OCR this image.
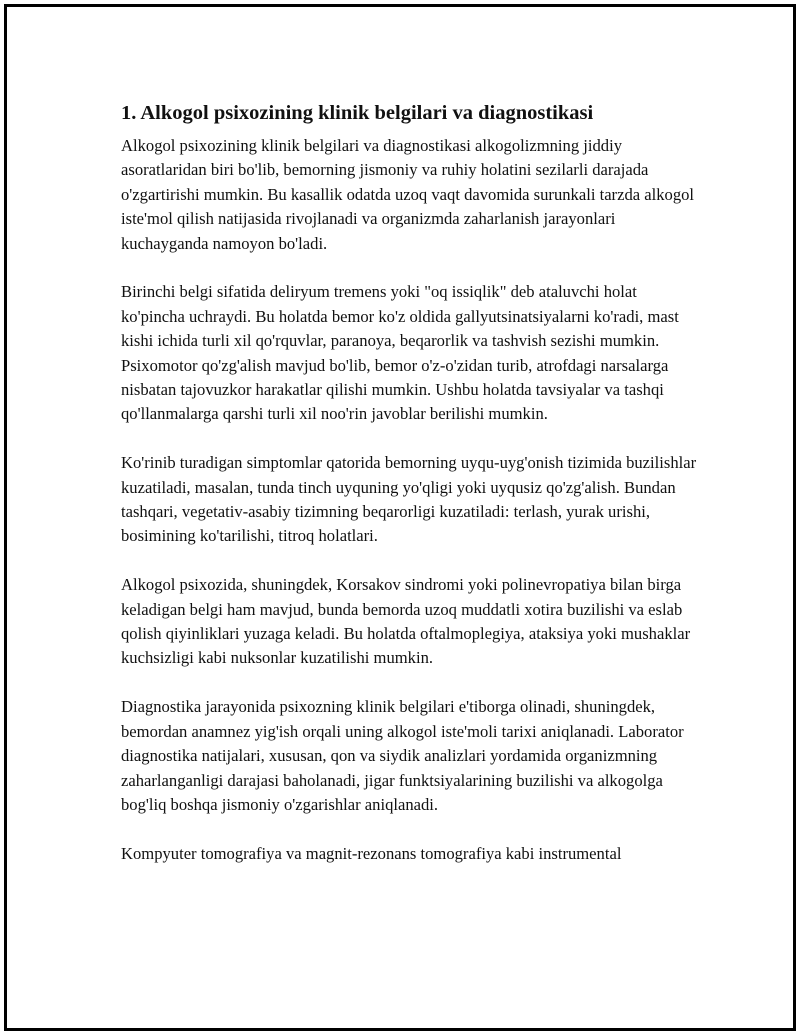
1. Alkogol psixozining klinik belgilari va diagnostikasi

Alkogol psixozining klinik belgilari va diagnostikasi alkogolizmning jiddiy asoratlaridan biri bo'lib, bemorning jismoniy va ruhiy holatini sezilarli darajada o'zgartirishi mumkin. Bu kasallik odatda uzoq vaqt davomida surunkali tarzda alkogol iste'mol qilish natijasida rivojlanadi va organizmda zaharlanish jarayonlari kuchayganda namoyon bo'ladi.

Birinchi belgi sifatida deliryum tremens yoki "oq issiqlik" deb ataluvchi holat ko'pincha uchraydi. Bu holatda bemor ko'z oldida gallyutsinatsiyalarni ko'radi, mast kishi ichida turli xil qo'rquvlar, paranoya, beqarorlik va tashvish sezishi mumkin. Psixomotor qo'zg'alish mavjud bo'lib, bemor o'z-o'zidan turib, atrofdagi narsalarga nisbatan tajovuzkor harakatlar qilishi mumkin. Ushbu holatda tavsiyalar va tashqi qo'llanmalarga qarshi turli xil noo'rin javoblar berilishi mumkin.

Ko'rinib turadigan simptomlar qatorida bemorning uyqu-uyg'onish tizimida buzilishlar kuzatiladi, masalan, tunda tinch uyquning yo'qligi yoki uyqusiz qo'zg'alish. Bundan tashqari, vegetativ-asabiy tizimning beqarorligi kuzatiladi: terlash, yurak urishi, bosimining ko'tarilishi, titroq holatlari.

Alkogol psixozida, shuningdek, Korsakov sindromi yoki polinevropatiya bilan birga keladigan belgi ham mavjud, bunda bemorda uzoq muddatli xotira buzilishi va eslab qolish qiyinliklari yuzaga keladi. Bu holatda oftalmoplegiya, ataksiya yoki mushaklar kuchsizligi kabi nuksonlar kuzatilishi mumkin.

Diagnostika jarayonida psixozning klinik belgilari e'tiborga olinadi, shuningdek, bemordan anamnez yig'ish orqali uning alkogol iste'moli tarixi aniqlanadi. Laborator diagnostika natijalari, xususan, qon va siydik analizlari yordamida organizmning zaharlanganligi darajasi baholanadi, jigar funktsiyalarining buzilishi va alkogolga bog'liq boshqa jismoniy o'zgarishlar aniqlanadi.

Kompyuter tomografiya va magnit-rezonans tomografiya kabi instrumental
